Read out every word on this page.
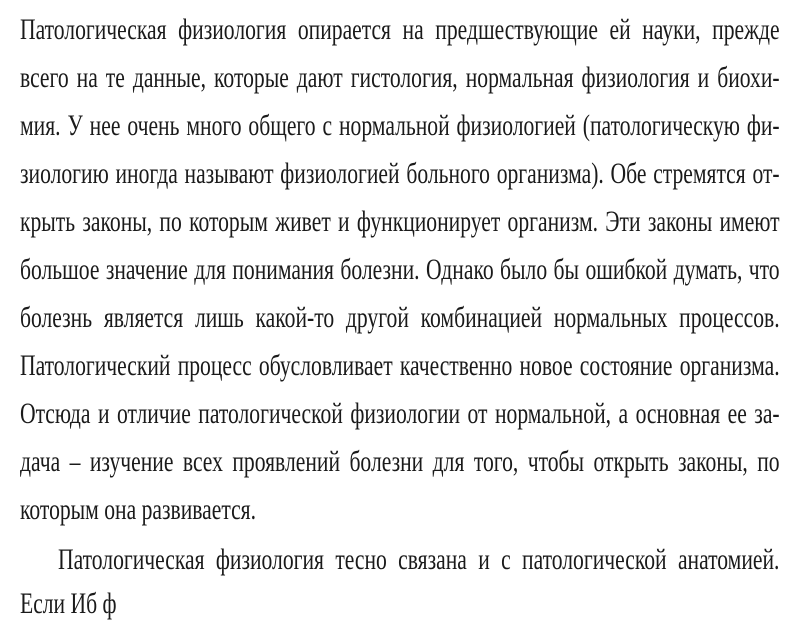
Патологическая физиология опирается на предшествующие ей науки, прежде

всего на те данные, которые дают гистология, нормальная физиология и биохи-

мия. У нее очень много общего с нормальной физиологией (патологическую фи-

зиологию иногда называют физиологией больного организма). Обе стремятся от-

крыть законы, по которым живет и функционирует организм. Эти законы имеют

большое значение для понимания болезни. Однако было бы ошибкой думать, что

болезнь является лишь какой-то другой комбинацией нормальных процессов.

Патологический процесс обусловливает качественно новое состояние организма.

Отсюда и отличие патологической физиологии от нормальной, а основная ее за-

дача – изучение всех проявлений болезни для того, чтобы открыть законы, по

которым она развивается.

Патологическая физиология тесно связана и с патологической анатомией.

Если Иб ф
